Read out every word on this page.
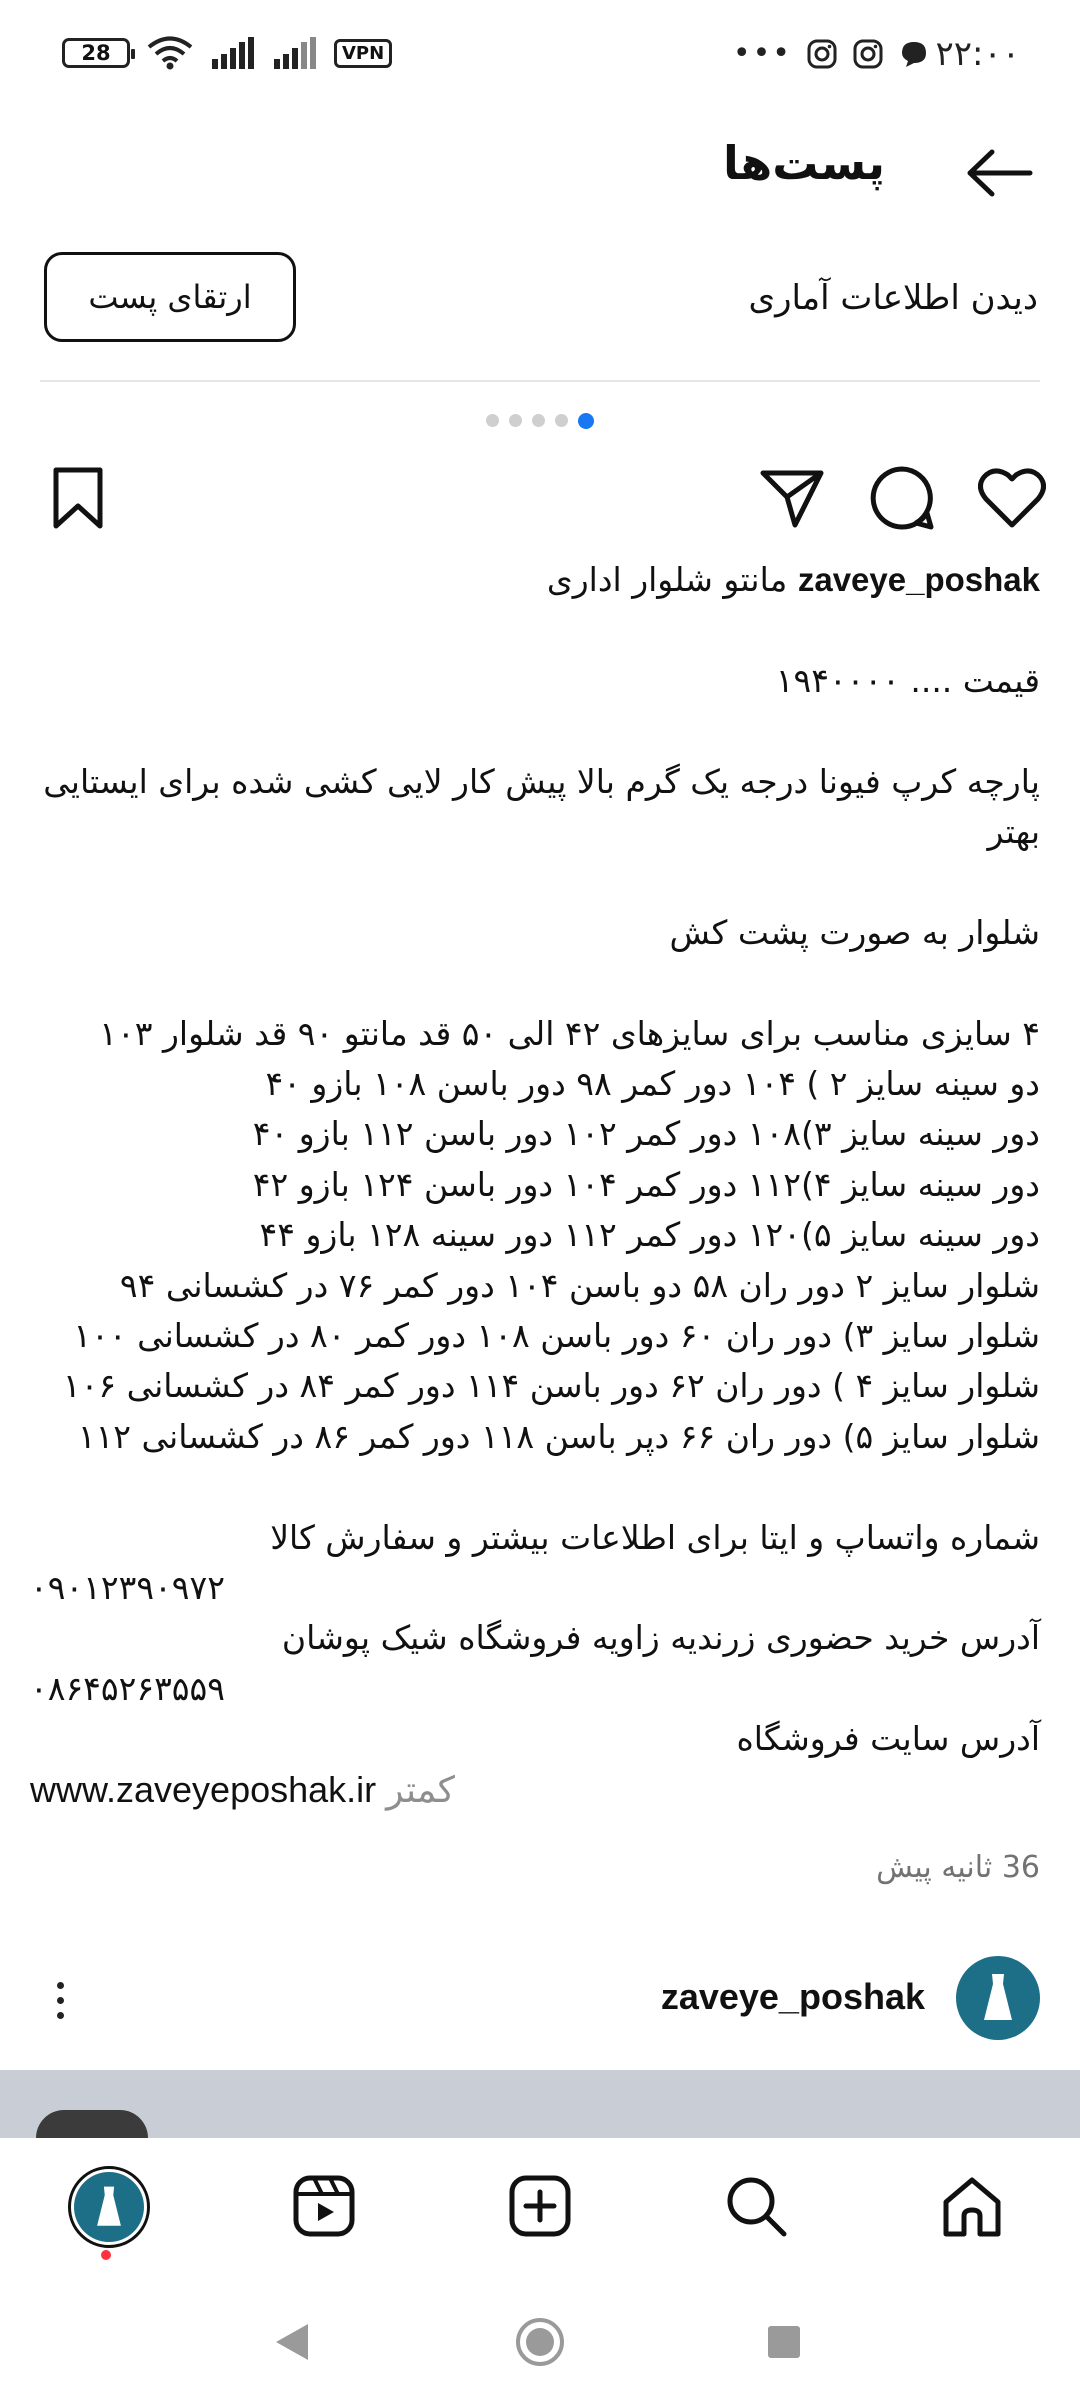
28	VPN	•••	۲۲:۰۰
پست‌ها
دیدن اطلاعات آماری
ارتقای پست

zaveye_poshak مانتو شلوار اداری

قیمت .... ۱۹۴۰۰۰۰

پارچه کرپ فیونا درجه یک گرم بالا پیش کار لایی کشی شده برای ایستایی

بهتر

شلوار به صورت پشت کش

۴ سایزی مناسب برای سایزهای ۴۲ الی ۵۰ قد مانتو ۹۰ قد شلوار ۱۰۳

دو سینه سایز ۲ ) ۱۰۴ دور کمر ۹۸ دور باسن ۱۰۸ بازو ۴۰

دور سینه سایز ۳)۱۰۸ دور کمر ۱۰۲ دور باسن ۱۱۲ بازو ۴۰

دور سینه سایز ۴)۱۱۲ دور کمر ۱۰۴ دور باسن ۱۲۴ بازو ۴۲

دور سینه سایز ۵)۱۲۰ دور کمر ۱۱۲ دور سینه ۱۲۸ بازو ۴۴

شلوار سایز ۲ دور ران ۵۸ دو باسن ۱۰۴ دور کمر ۷۶ در کشسانی ۹۴

شلوار سایز ۳) دور ران ۶۰ دور باسن ۱۰۸ دور کمر ۸۰ در کشسانی ۱۰۰

شلوار سایز ۴ ) دور ران ۶۲ دور باسن ۱۱۴ دور کمر ۸۴ در کشسانی ۱۰۶

شلوار سایز ۵) دور ران ۶۶ دپر باسن ۱۱۸ دور کمر ۸۶ در کشسانی ۱۱۲

شماره واتساپ و ایتا برای اطلاعات بیشتر و سفارش کالا

۰۹۰۱۲۳۹۰۹۷۲

آدرس خرید حضوری زرندیه زاویه فروشگاه شیک پوشان

۰۸۶۴۵۲۶۳۵۵۹

آدرس سایت فروشگاه

www.zaveyeposhak.ir کمتر

36 ثانیه پیش
zaveye_poshak
